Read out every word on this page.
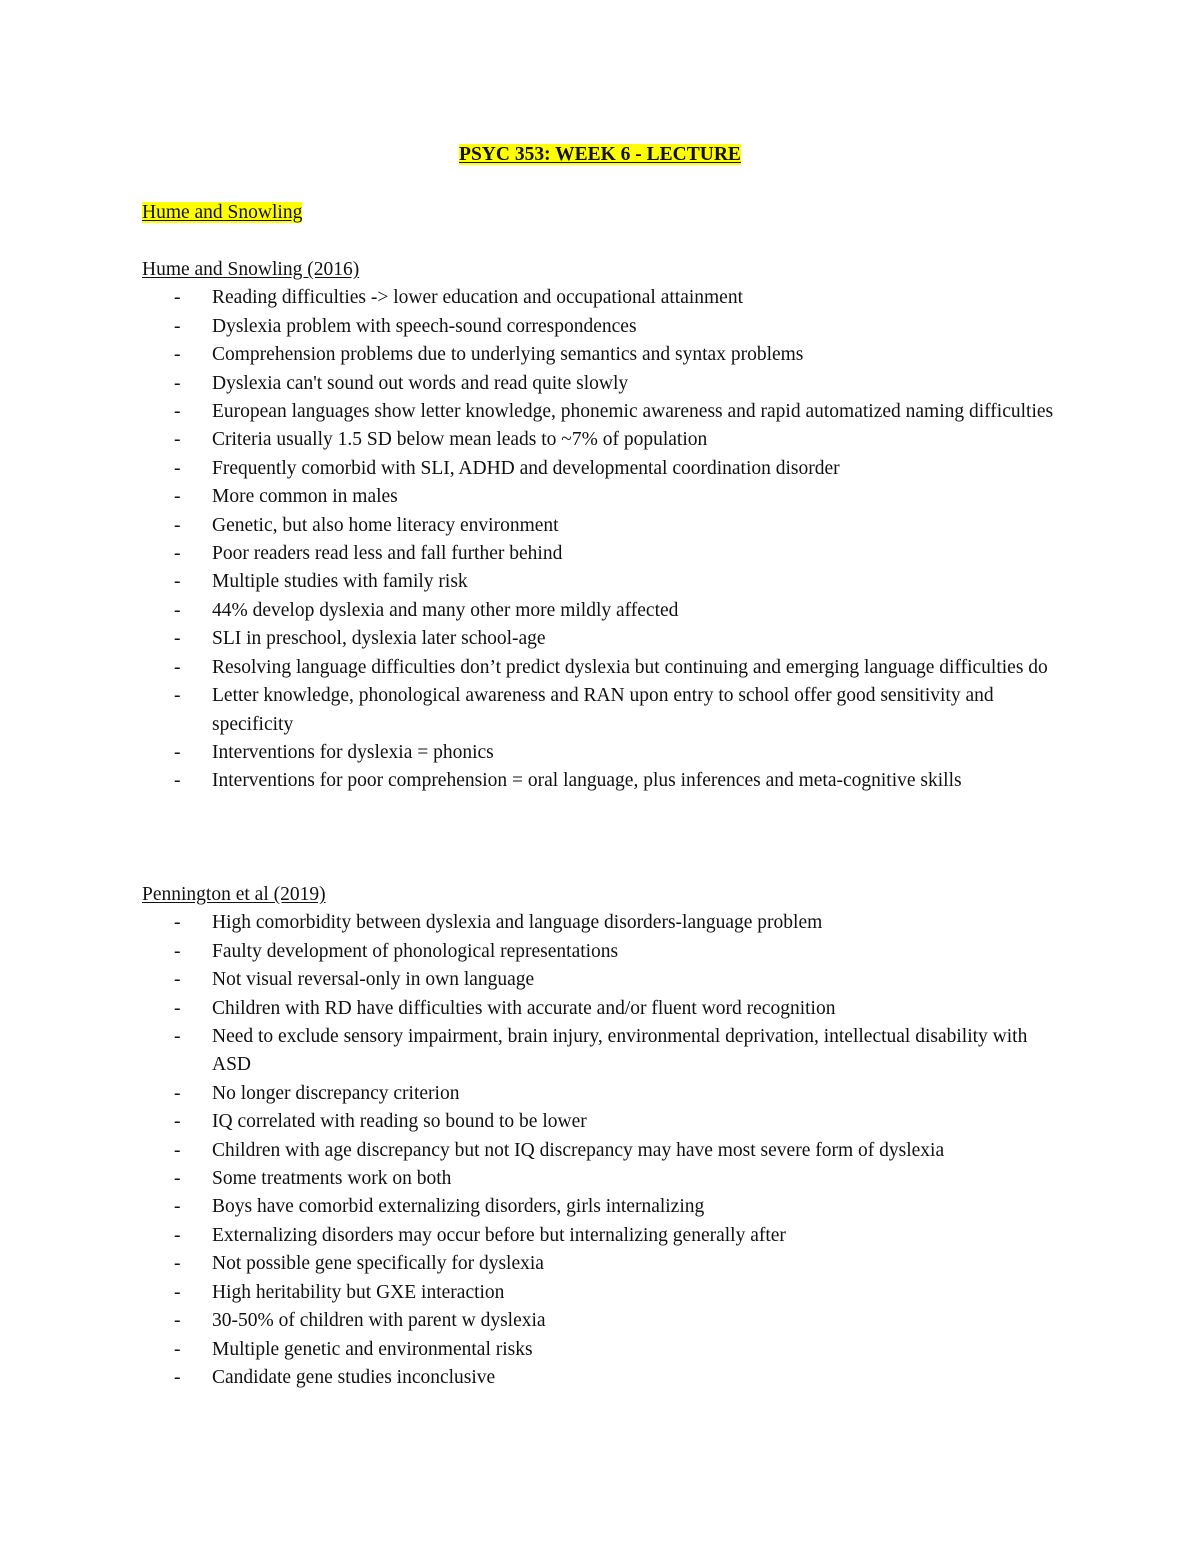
PSYC 353: WEEK 6 - LECTURE

Hume and Snowling

Hume and Snowling (2016)

- Reading difficulties -> lower education and occupational attainment
- Dyslexia problem with speech-sound correspondences
- Comprehension problems due to underlying semantics and syntax problems
- Dyslexia can't sound out words and read quite slowly
- European languages show letter knowledge, phonemic awareness and rapid automatized naming difficulties
- Criteria usually 1.5 SD below mean leads to ~7% of population
- Frequently comorbid with SLI, ADHD and developmental coordination disorder
- More common in males
- Genetic, but also home literacy environment
- Poor readers read less and fall further behind
- Multiple studies with family risk
- 44% develop dyslexia and many other more mildly affected
- SLI in preschool, dyslexia later school-age
- Resolving language difficulties don’t predict dyslexia but continuing and emerging language difficulties do
- Letter knowledge, phonological awareness and RAN upon entry to school offer good sensitivity and specificity
- Interventions for dyslexia = phonics
- Interventions for poor comprehension = oral language, plus inferences and meta-cognitive skills

Pennington et al (2019)

- High comorbidity between dyslexia and language disorders-language problem
- Faulty development of phonological representations
- Not visual reversal-only in own language
- Children with RD have difficulties with accurate and/or fluent word recognition
- Need to exclude sensory impairment, brain injury, environmental deprivation, intellectual disability with ASD
- No longer discrepancy criterion
- IQ correlated with reading so bound to be lower
- Children with age discrepancy but not IQ discrepancy may have most severe form of dyslexia
- Some treatments work on both
- Boys have comorbid externalizing disorders, girls internalizing
- Externalizing disorders may occur before but internalizing generally after
- Not possible gene specifically for dyslexia
- High heritability but GXE interaction
- 30-50% of children with parent w dyslexia
- Multiple genetic and environmental risks
- Candidate gene studies inconclusive
